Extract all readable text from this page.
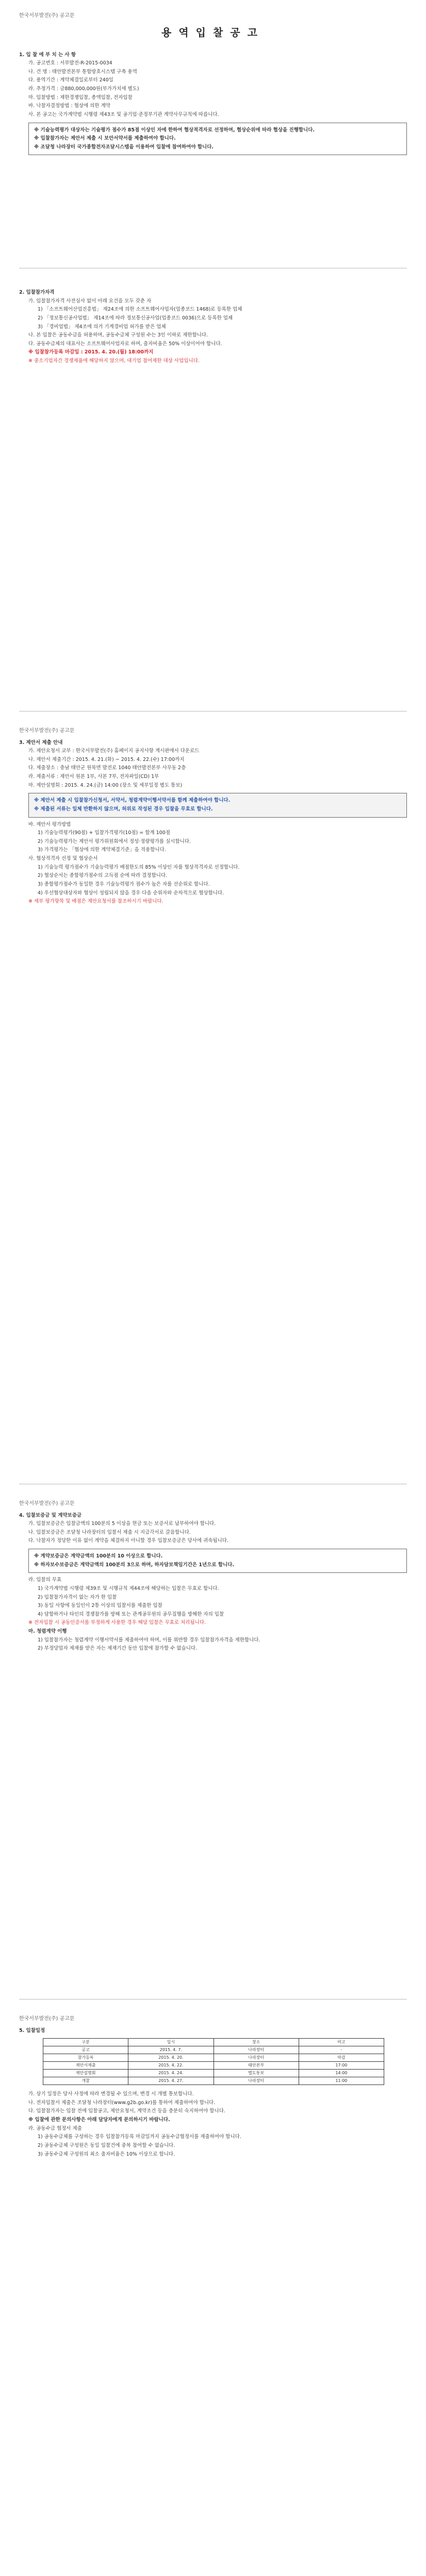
한국서부발전(주) 공고문

용역입찰공고

1. 입 찰 에 부 치 는 사 항

가. 공고번호 : 서부발전-R-2015-0034

나. 건 명 : 태안발전본부 통합방호시스템 구축 용역

다. 용역기간 : 계약체결일로부터 240일

라. 추정가격 : 금880,000,000원(부가가치세 별도)

마. 입찰방법 : 제한경쟁입찰, 총액입찰, 전자입찰

바. 낙찰자결정방법 : 협상에 의한 계약

사. 본 공고는 국가계약법 시행령 제43조 및 공기업·준정부기관 계약사무규칙에 따릅니다.

※ 기술능력평가 대상자는 기술평가 점수가 85점 이상인 자에 한하여 협상적격자로 선정하며, 협상순위에 따라 협상을 진행합니다.

※ 입찰참가자는 제안서 제출 시 보안서약서를 제출하여야 합니다.

※ 조달청 나라장터 국가종합전자조달시스템을 이용하여 입찰에 참여하여야 합니다.

2. 입찰참가자격

가. 입찰참가자격 사전심사 없이 아래 요건을 모두 갖춘 자

1) 「소프트웨어산업진흥법」 제24조에 의한 소프트웨어사업자(업종코드 1468)로 등록한 업체

2) 「정보통신공사업법」 제14조에 따라 정보통신공사업(업종코드 0036)으로 등록한 업체

3) 「경비업법」 제4조에 의거 기계경비업 허가를 받은 업체

나. 본 입찰은 공동수급을 허용하며, 공동수급체 구성원 수는 3인 이하로 제한합니다.

다. 공동수급체의 대표사는 소프트웨어사업자로 하며, 출자비율은 50% 이상이어야 합니다.

※ 입찰참가등록 마감일 : 2015. 4. 20.(월) 18:00까지

※ 중소기업자간 경쟁제품에 해당하지 않으며, 대기업 참여제한 대상 사업입니다.

한국서부발전(주) 공고문

3. 제안서 제출 안내

가. 제안요청서 교부 : 한국서부발전(주) 홈페이지 공지사항 게시판에서 다운로드

나. 제안서 제출기간 : 2015. 4. 21.(화) ~ 2015. 4. 22.(수) 17:00까지

다. 제출장소 : 충남 태안군 원북면 발전로 1040 태안발전본부 사무동 2층

라. 제출서류 : 제안서 원본 1부, 사본 7부, 전자파일(CD) 1부

마. 제안설명회 : 2015. 4. 24.(금) 14:00 (장소 및 세부일정 별도 통보)

※ 제안서 제출 시 입찰참가신청서, 서약서, 청렴계약이행서약서를 함께 제출하여야 합니다.

※ 제출된 서류는 일체 반환하지 않으며, 허위로 작성된 경우 입찰을 무효로 합니다.

바. 제안서 평가방법

1) 기술능력평가(90점) + 입찰가격평가(10점) = 합계 100점

2) 기술능력평가는 제안서 평가위원회에서 정성·정량평가를 실시합니다.

3) 가격평가는 「협상에 의한 계약체결기준」을 적용합니다.

사. 협상적격자 선정 및 협상순서

1) 기술능력 평가점수가 기술능력평가 배점한도의 85% 이상인 자를 협상적격자로 선정합니다.

2) 협상순서는 종합평가점수의 고득점 순에 따라 결정합니다.

3) 종합평가점수가 동일한 경우 기술능력평가 점수가 높은 자를 선순위로 합니다.

4) 우선협상대상자와 협상이 성립되지 않을 경우 다음 순위자와 순차적으로 협상합니다.

※ 세부 평가항목 및 배점은 제안요청서를 참조하시기 바랍니다.

한국서부발전(주) 공고문

4. 입찰보증금 및 계약보증금

가. 입찰보증금은 입찰금액의 100분의 5 이상을 현금 또는 보증서로 납부하여야 합니다.

나. 입찰보증금은 조달청 나라장터의 입찰서 제출 시 지급각서로 갈음합니다.

다. 낙찰자가 정당한 이유 없이 계약을 체결하지 아니할 경우 입찰보증금은 당사에 귀속됩니다.

※ 계약보증금은 계약금액의 100분의 10 이상으로 합니다.

※ 하자보수보증금은 계약금액의 100분의 3으로 하며, 하자담보책임기간은 1년으로 합니다.

라. 입찰의 무효

1) 국가계약법 시행령 제39조 및 시행규칙 제44조에 해당하는 입찰은 무효로 합니다.

2) 입찰참가자격이 없는 자가 한 입찰

3) 동일 사항에 동일인이 2통 이상의 입찰서를 제출한 입찰

4) 담합하거나 타인의 경쟁참가를 방해 또는 관계공무원의 공무집행을 방해한 자의 입찰

※ 전자입찰 시 공동인증서를 부정하게 사용한 경우 해당 입찰은 무효로 처리됩니다.

마. 청렴계약 이행

1) 입찰참가자는 청렴계약 이행서약서를 제출하여야 하며, 이를 위반할 경우 입찰참가자격을 제한합니다.

2) 부정당업자 제재를 받은 자는 제재기간 동안 입찰에 참가할 수 없습니다.

한국서부발전(주) 공고문

5. 입찰일정

구분	일시	장소	비고
공고	2015. 4. 7.	나라장터	-
참가등록	2015. 4. 20.	나라장터	마감
제안서제출	2015. 4. 22.	태안본부	17:00
제안설명회	2015. 4. 24.	별도통보	14:00
개찰	2015. 4. 27.	나라장터	11:00

가. 상기 일정은 당사 사정에 따라 변경될 수 있으며, 변경 시 개별 통보합니다.

나. 전자입찰서 제출은 조달청 나라장터(www.g2b.go.kr)를 통하여 제출하여야 합니다.

다. 입찰참가자는 입찰 전에 입찰공고, 제안요청서, 계약조건 등을 충분히 숙지하여야 합니다.

※ 입찰에 관한 문의사항은 아래 담당자에게 문의하시기 바랍니다.

라. 공동수급 협정서 제출

1) 공동수급체를 구성하는 경우 입찰참가등록 마감일까지 공동수급협정서를 제출하여야 합니다.

2) 공동수급체 구성원은 동일 입찰건에 중복 참여할 수 없습니다.

3) 공동수급체 구성원의 최소 출자비율은 10% 이상으로 합니다.
